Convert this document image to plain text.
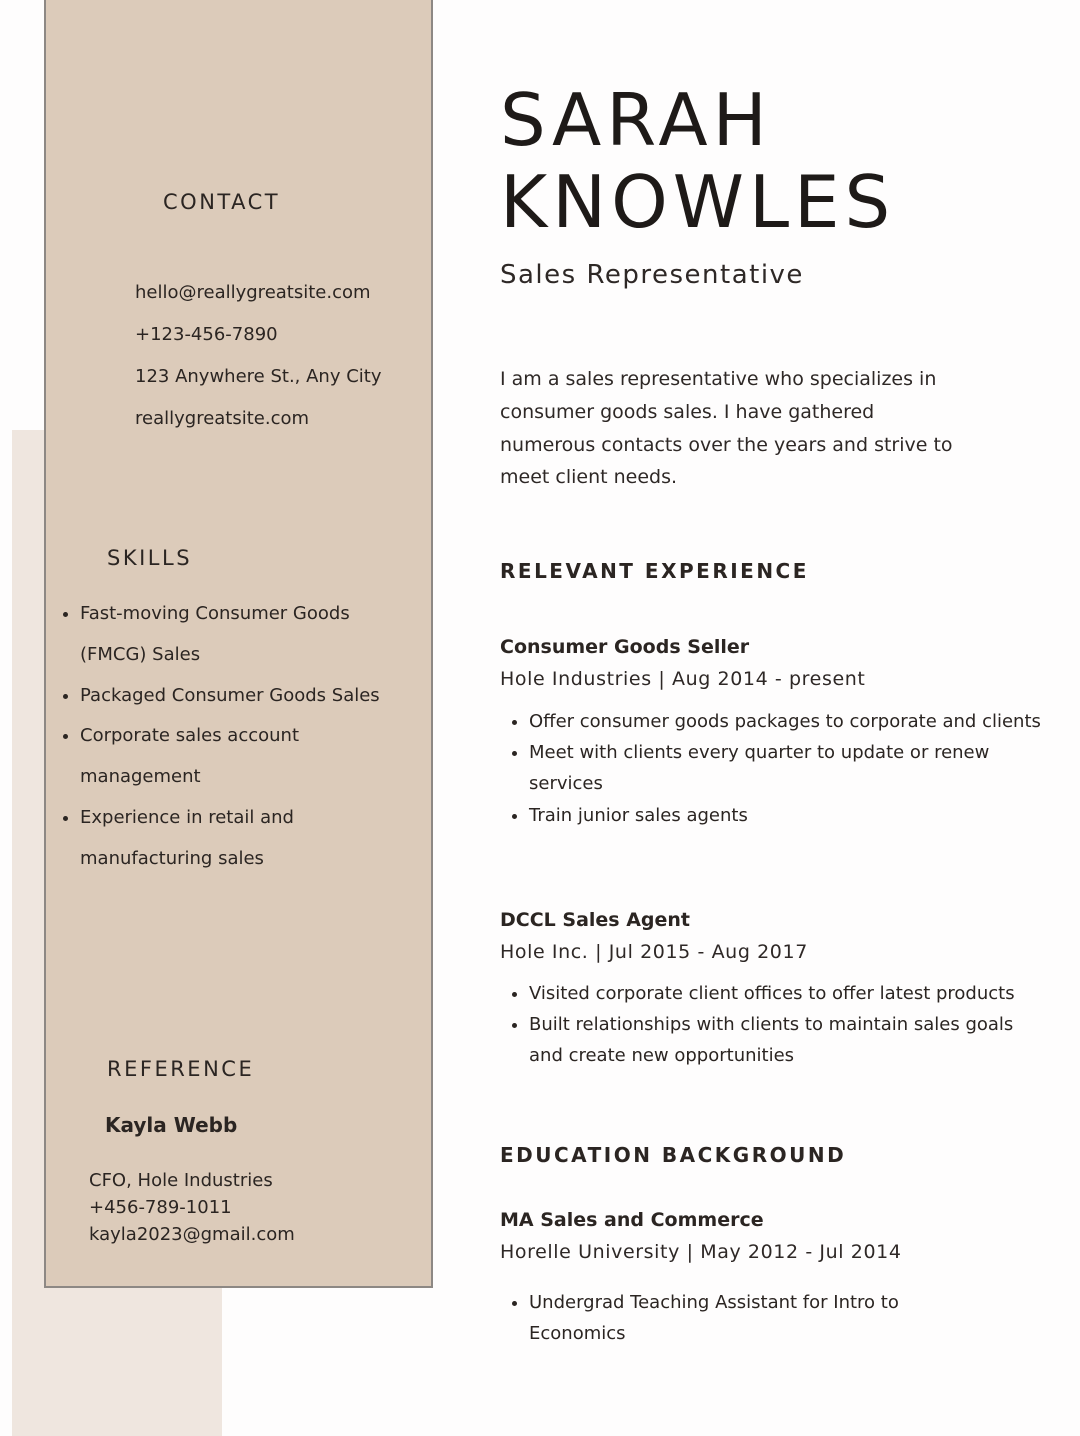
CONTACT
hello@reallygreatsite.com
+123-456-7890
123 Anywhere St., Any City
reallygreatsite.com
SKILLS
• Fast-moving Consumer Goods (FMCG) Sales
• Packaged Consumer Goods Sales
• Corporate sales account management
• Experience in retail and manufacturing sales
REFERENCE
Kayla Webb
CFO, Hole Industries
+456-789-1011
kayla2023@gmail.com
SARAH
KNOWLES
Sales Representative

I am a sales representative who specializes in consumer goods sales. I have gathered numerous contacts over the years and strive to meet client needs.

RELEVANT EXPERIENCE
Consumer Goods Seller
Hole Industries | Aug 2014 - present
• Offer consumer goods packages to corporate and clients
• Meet with clients every quarter to update or renew services
• Train junior sales agents
DCCL Sales Agent
Hole Inc. | Jul 2015 - Aug 2017
• Visited corporate client offices to offer latest products
• Built relationships with clients to maintain sales goals and create new opportunities
EDUCATION BACKGROUND
MA Sales and Commerce
Horelle University | May 2012 - Jul 2014
• Undergrad Teaching Assistant for Intro to Economics
